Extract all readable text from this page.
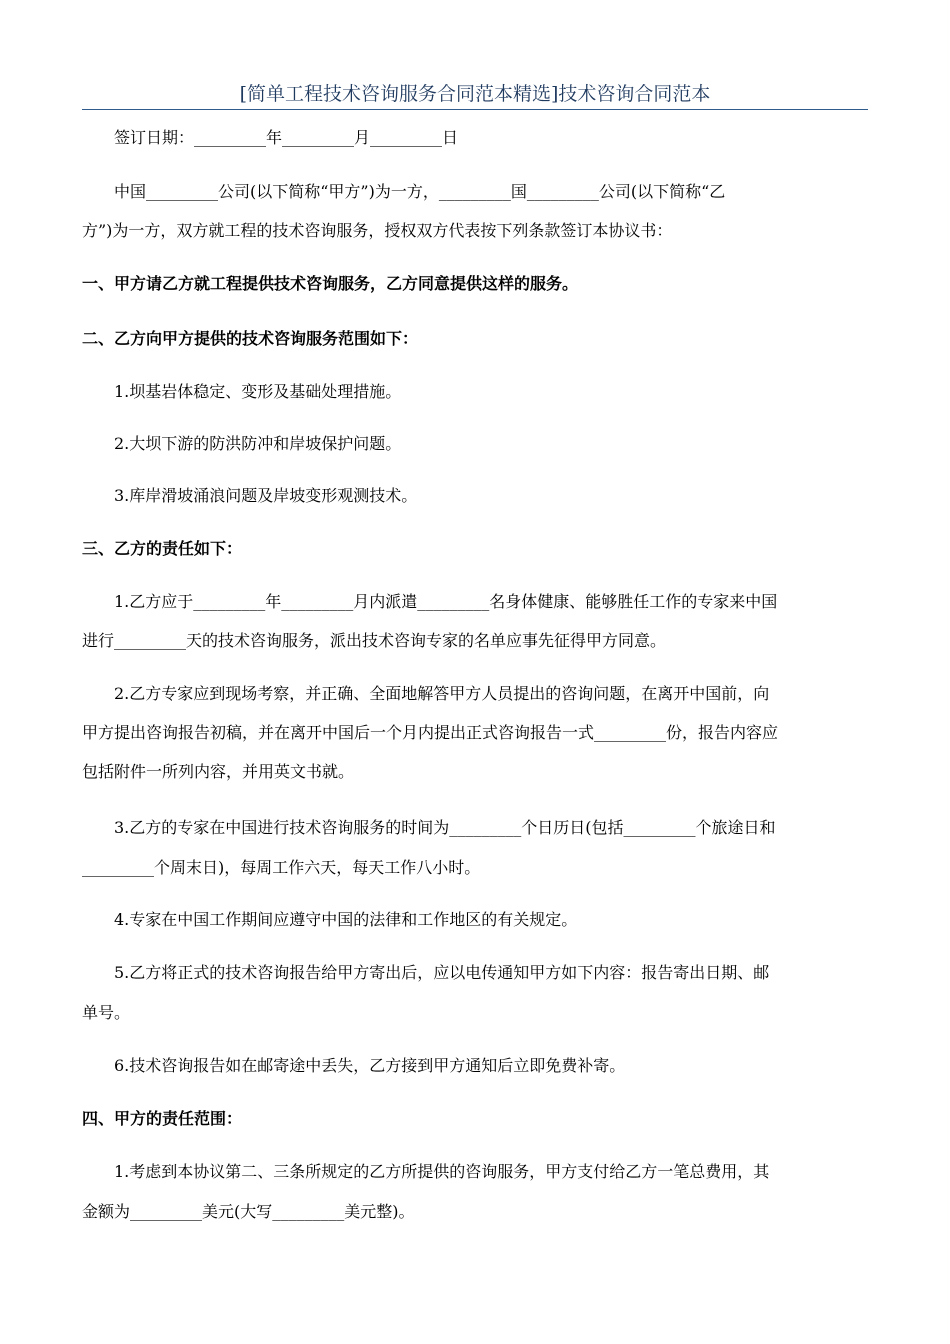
[简单工程技术咨询服务合同范本精选]技术咨询合同范本
签订日期：_________年_________月_________日
中国_________公司(以下简称“甲方”)为一方，_________国_________公司(以下简称“乙
方”)为一方，双方就工程的技术咨询服务，授权双方代表按下列条款签订本协议书：
一、甲方请乙方就工程提供技术咨询服务，乙方同意提供这样的服务。
二、乙方向甲方提供的技术咨询服务范围如下：
1.坝基岩体稳定、变形及基础处理措施。
2.大坝下游的防洪防冲和岸坡保护问题。
3.库岸滑坡涌浪问题及岸坡变形观测技术。
三、乙方的责任如下：
1.乙方应于_________年_________月内派遣_________名身体健康、能够胜任工作的专家来中国
进行_________天的技术咨询服务，派出技术咨询专家的名单应事先征得甲方同意。
2.乙方专家应到现场考察，并正确、全面地解答甲方人员提出的咨询问题，在离开中国前，向
甲方提出咨询报告初稿，并在离开中国后一个月内提出正式咨询报告一式_________份，报告内容应
包括附件一所列内容，并用英文书就。
3.乙方的专家在中国进行技术咨询服务的时间为_________个日历日(包括_________个旅途日和
_________个周末日)，每周工作六天，每天工作八小时。
4.专家在中国工作期间应遵守中国的法律和工作地区的有关规定。
5.乙方将正式的技术咨询报告给甲方寄出后，应以电传通知甲方如下内容：报告寄出日期、邮
单号。
6.技术咨询报告如在邮寄途中丢失，乙方接到甲方通知后立即免费补寄。
四、甲方的责任范围：
1.考虑到本协议第二、三条所规定的乙方所提供的咨询服务，甲方支付给乙方一笔总费用，其
金额为_________美元(大写_________美元整)。
